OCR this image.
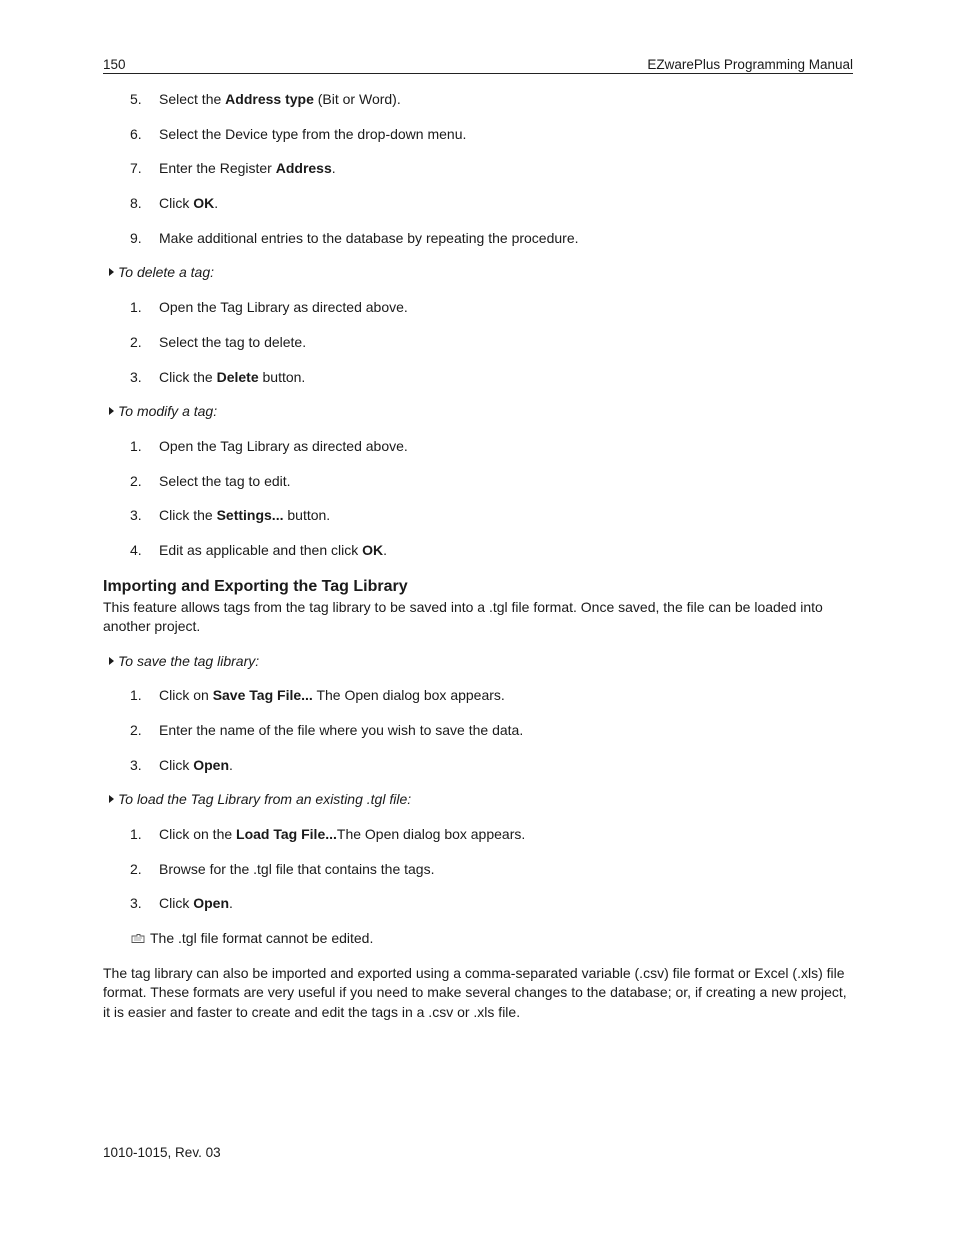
150	EZwarePlus Programming Manual
5. Select the Address type (Bit or Word).
6. Select the Device type from the drop-down menu.
7. Enter the Register Address.
8. Click OK.
9. Make additional entries to the database by repeating the procedure.
To delete a tag:
1. Open the Tag Library as directed above.
2. Select the tag to delete.
3. Click the Delete button.
To modify a tag:
1. Open the Tag Library as directed above.
2. Select the tag to edit.
3. Click the Settings... button.
4. Edit as applicable and then click OK.
Importing and Exporting the Tag Library

This feature allows tags from the tag library to be saved into a .tgl file format. Once saved, the file can be loaded into another project.

To save the tag library:
1. Click on Save Tag File... The Open dialog box appears.
2. Enter the name of the file where you wish to save the data.
3. Click Open.
To load the Tag Library from an existing .tgl file:
1. Click on the Load Tag File...The Open dialog box appears.
2. Browse for the .tgl file that contains the tags.
3. Click Open.
The .tgl file format cannot be edited.

The tag library can also be imported and exported using a comma-separated variable (.csv) file format or Excel (.xls) file format. These formats are very useful if you need to make several changes to the database; or, if creating a new project, it is easier and faster to create and edit the tags in a .csv or .xls file.

1010-1015, Rev. 03
